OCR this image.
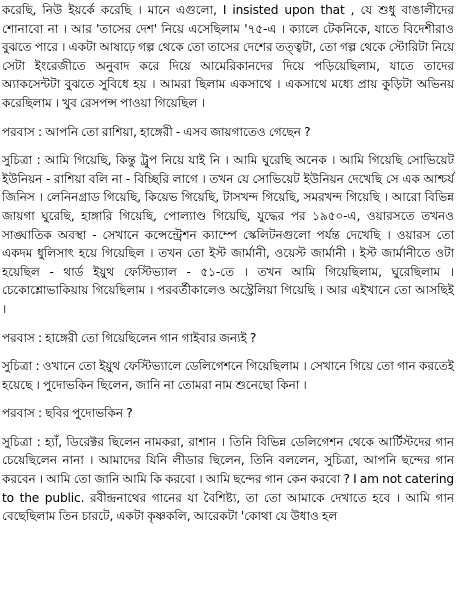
করেছি, নিউ ইয়র্কে করেছি । মানে এগুলো, I insisted upon that , যে শুধু বাঙালীদের শোনাবো না । আর 'তাসের দেশ' নিয়ে এসেছিলাম '৭৫-এ । ক্যালে টেকনিকে, যাতে বিদেশীরাও বুঝতে পারে । একটা আষাঢ়ে গল্প থেকে তো তাসের দেশের তত্ত্বটা, তো গল্প থেকে স্টোরিটা নিয়ে সেটা ইংরেজীতে অনুবাদ করে দিয়ে আমেরিকানদের দিয়ে পড়িয়েছিলাম, যাতে তাদের অ্যাকসেন্টটা বুঝতে সুবিধে হয় । আমরা ছিলাম একসাথে । একসাথে মধ্যে প্রায় কুড়িটা অভিনয় করেছিলাম । খুব রেসপন্স পাওয়া গিয়েছিল ।

পরবাস : আপনি তো রাশিয়া, হাঙ্গেরী - এসব জায়গাতেও গেছেন ?

সুচিত্রা : আমি গিয়েছি, কিন্তু ট্রুপ নিয়ে যাই নি । আমি ঘুরেছি অনেক । আমি গিয়েছি সোভিয়েট ইউনিয়ন - রাশিয়া বলি না - বিচ্ছিরি লাগে । তখন যে সোভিয়েট ইউনিয়ন দেখেছি সে এক আশ্চর্য জিনিস । লেনিনগ্রাড গিয়েছি, কিয়েভ গিয়েছি, টাসখন্দ গিয়েছি, সমরখন্দ গিয়েছি । আরো বিভিন্ন জায়গা ঘুরেছি, হাঙ্গারি গিয়েছি, পোল্যাণ্ড গিয়েছি, যুদ্ধের পর ১৯৫০-এ, ওয়ারসতে তখনও সাঙ্ঘাতিক অবস্থা - সেখানে কন্সেন্ট্রেশন ক্যাম্পে স্কেলিটনগুলো পর্যন্ত দেখেছি । ওয়ারস তো একদম ধুলিসাৎ হয়ে গিয়েছিল । তখন তো ইস্ট জার্মানী, ওয়েস্ট জার্মানী । ইস্ট জার্মানীতে ওটা হয়েছিল - থার্ড ইয়ুথ ফেস্টিভ্যাল - ৫১-তে । তখন আমি গিয়েছিলাম, ঘুরেছিলাম । চেকোশ্লোভাকিয়ায় গিয়েছিলাম । পরবর্তীকালেও অস্ট্রেলিয়া গিয়েছি । আর এইখানে তো আসছিই ।

পরবাস : হাঙ্গেরী তো গিয়েছিলেন গান গাইবার জন্যই ?

সুচিত্রা : ওখানে তো ইয়ুথ ফেস্টিভ্যালে ডেলিগেশনে গিয়েছিলাম । সেখানে গিয়ে তো গান করতেই হয়েছে । পুদোভকিন ছিলেন, জানি না তোমরা নাম শুনেছো কিনা ।

পরবাস : ছবির পুদোভকিন ?

সুচিত্রা : হ্যাঁ, ডিরেক্টর ছিলেন নামকরা, রাশান । তিনি বিভিন্ন ডেলিগেশন থেকে আর্টিস্টদের গান চেয়েছিলেন নানা । আমাদের যিনি লীডার ছিলেন, তিনি বললেন, সুচিত্রা, আপনি ছন্দের গান করবেন । আমি তো জানি আমি কি করবো । আমি ছন্দের গান কেন করবো ? I am not catering to the public. রবীন্দ্রনাথের গানের যা বৈশিষ্ট্য, তা তো আমাকে দেখাতে হবে । আমি গান বেছেছিলাম তিন চারটে, একটা কৃষ্ণকলি, আরেকটা 'কোথা যে উধাও হল
